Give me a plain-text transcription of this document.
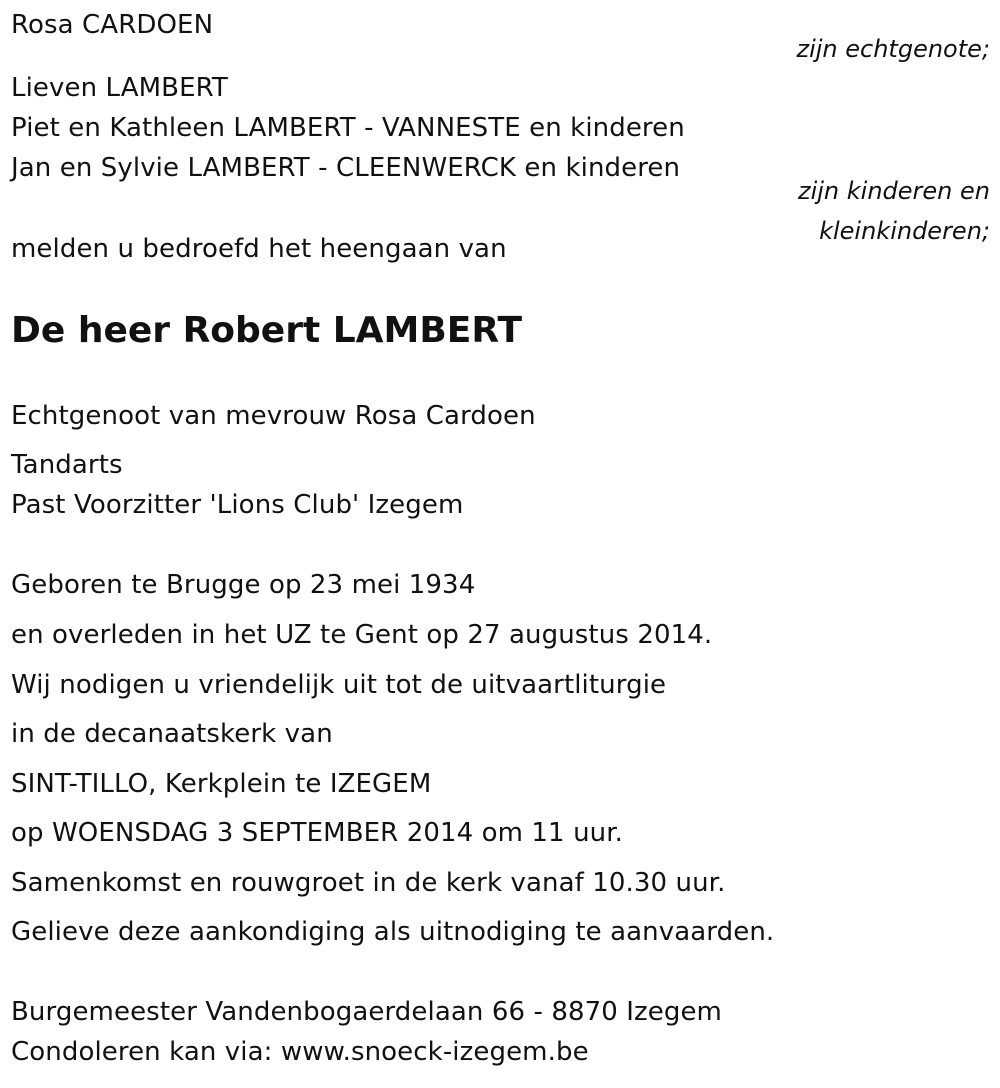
Rosa CARDOEN
zijn echtgenote;
Lieven LAMBERT
Piet en Kathleen LAMBERT - VANNESTE en kinderen
Jan en Sylvie LAMBERT - CLEENWERCK en kinderen
zijn kinderen en
kleinkinderen;
melden u bedroefd het heengaan van
De heer Robert LAMBERT
Echtgenoot van mevrouw Rosa Cardoen
Tandarts
Past Voorzitter 'Lions Club' Izegem
Geboren te Brugge op 23 mei 1934
en overleden in het UZ te Gent op 27 augustus 2014.
Wij nodigen u vriendelijk uit tot de uitvaartliturgie
in de decanaatskerk van
SINT-TILLO, Kerkplein te IZEGEM
op WOENSDAG 3 SEPTEMBER 2014 om 11 uur.
Samenkomst en rouwgroet in de kerk vanaf 10.30 uur.
Gelieve deze aankondiging als uitnodiging te aanvaarden.
Burgemeester Vandenbogaerdelaan 66 - 8870 Izegem
Condoleren kan via: www.snoeck-izegem.be
